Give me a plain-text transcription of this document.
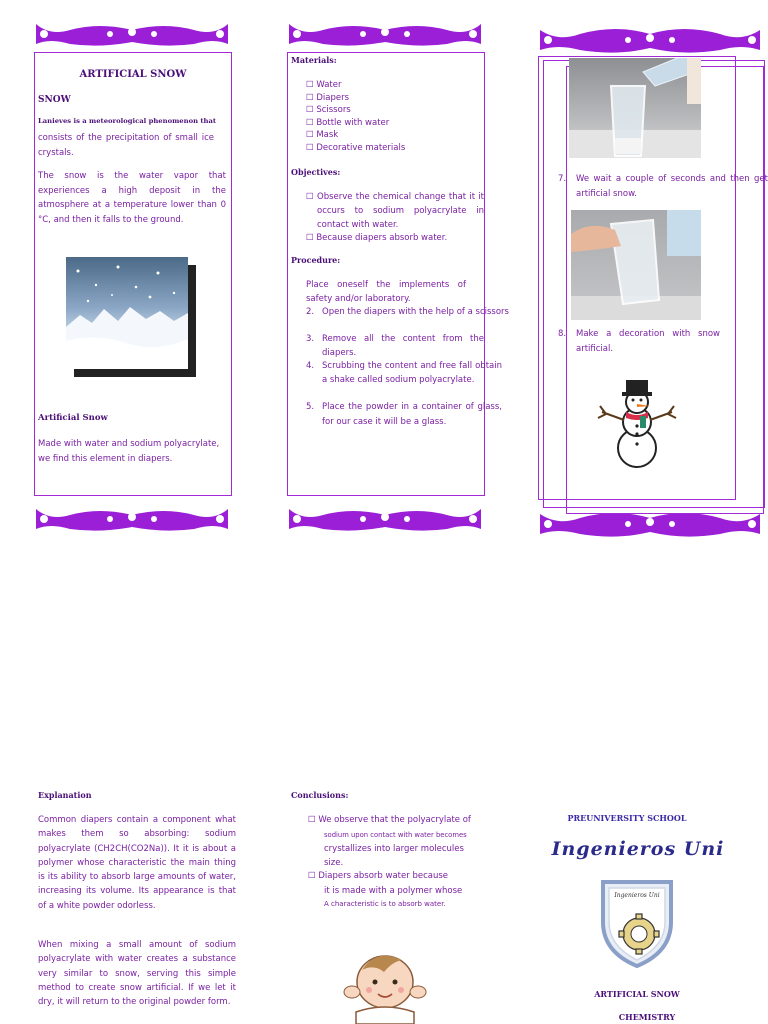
ARTIFICIAL SNOW
SNOW
Lanieves is a meteorological phenomenon that
consists of the precipitation of small ice crystals.
The snow is the water vapor that experiences a high deposit in the atmosphere at a temperature lower than 0 °C, and then it falls to the ground.
Artificial Snow
Made with water and sodium polyacrylate, we find this element in diapers.
Materials:
☐ Water
☐ Diapers
☐ Scissors
☐ Bottle with water
☐ Mask
☐ Decorative materials
Objectives:
☐ Observe the chemical change that it it occurs to sodium polyacrylate in contact with water.
☐ Because diapers absorb water.
Procedure:
Place oneself the implements of safety and/or laboratory.
2. Open the diapers with the help of a scissors
3. Remove all the content from the diapers.
4. Scrubbing the content and free fall obtain a shake called sodium polyacrylate.
5. Place the powder in a container of glass, for our case it will be a glass.
7.	We wait a couple of seconds and then get artificial snow.
8.	Make a decoration with snow artificial.
Explanation
Common diapers contain a component what makes them so absorbing: sodium polyacrylate (CH2CH(CO2Na)). It it is about a polymer whose characteristic the main thing is its ability to absorb large amounts of water, increasing its volume. Its appearance is that of a white powder odorless.
When mixing a small amount of sodium polyacrylate with water creates a substance very similar to snow, serving this simple method to create snow artificial. If we let it dry, it will return to the original powder form.
Conclusions:
☐ We observe that the polyacrylate of
sodium upon contact with water becomes
crystallizes into larger molecules
size.
☐ Diapers absorb water because
it is made with a polymer whose
A characteristic is to absorb water.
PREUNIVERSITY SCHOOL
Ingenieros Uni
Ingenieros Uni
ARTIFICIAL SNOW
CHEMISTRY
